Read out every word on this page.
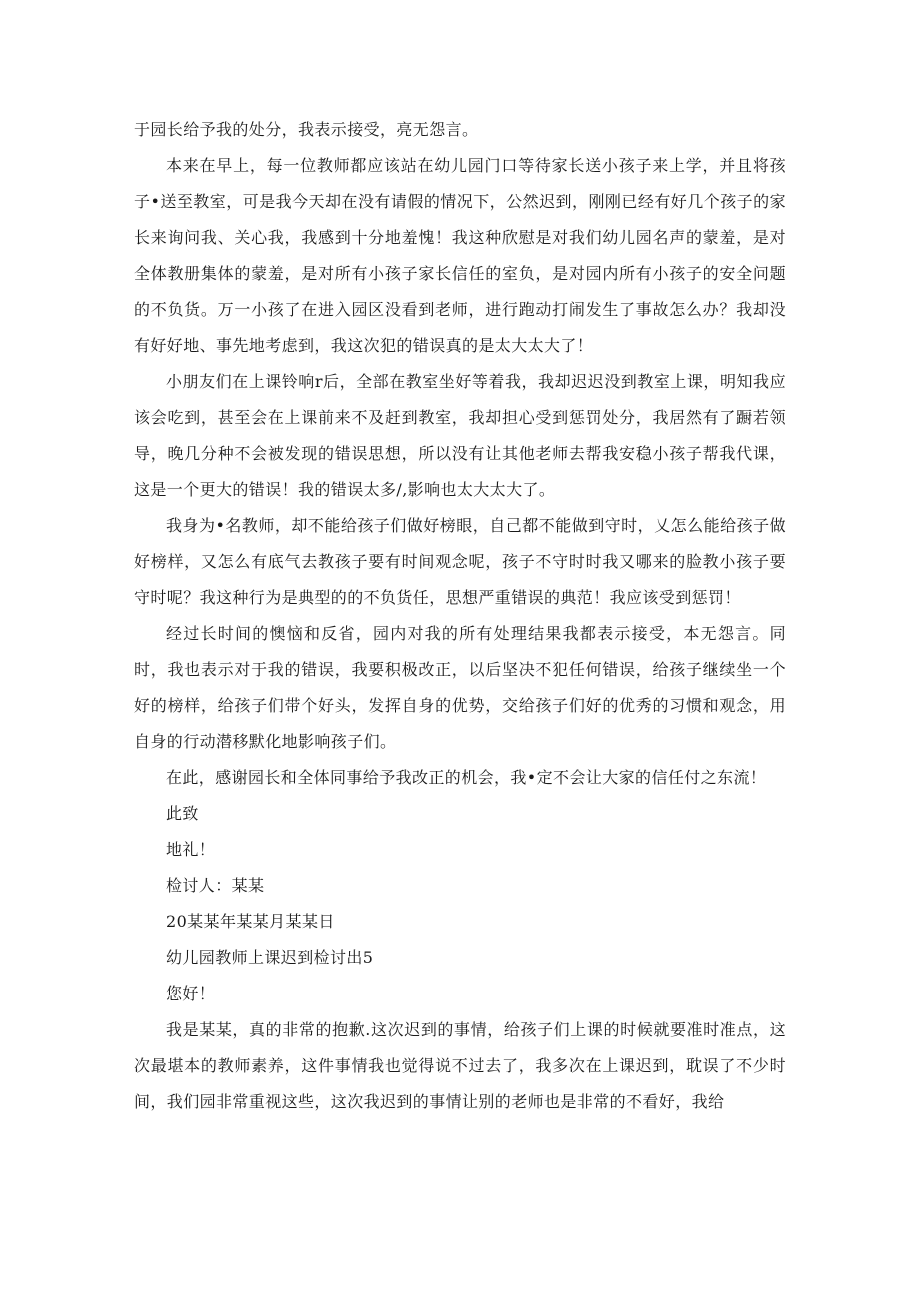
于园长给予我的处分，我表示接受，亮无怨言。

本来在早上，每一位教师都应该站在幼儿园门口等待家长送小孩子来上学，并且将孩子•送至教室，可是我今天却在没有请假的情况下，公然迟到，刚刚已经有好几个孩子的家长来询问我、关心我，我感到十分地羞愧！我这种欣慰是对我们幼儿园名声的蒙羞，是对全体教册集体的蒙羞，是对所有小孩子家长信任的室负，是对园内所有小孩子的安全问题的不负货。万一小孩了在进入园区没看到老师，进行跑动打闹发生了事故怎么办？我却没有好好地、事先地考虑到，我这次犯的错误真的是太大太大了！

小朋友们在上课铃响r后，全部在教室坐好等着我，我却迟迟没到教室上课，明知我应该会吃到，甚至会在上课前来不及赶到教室，我却担心受到惩罚处分，我居然有了蹰若领导，晚几分种不会被发现的错误思想，所以没有让其他老师去帮我安稳小孩子帮我代课，这是一个更大的错误！我的错误太多/,影响也太大太大了。

我身为•名教师，却不能给孩子们做好榜眼，自己都不能做到守时，乂怎么能给孩子做好榜样，又怎么有底气去教孩子要有时间观念呢，孩子不守时时我又哪来的脸教小孩子要守时呢？我这种行为是典型的的不负货任，思想严重错误的典范！我应该受到惩罚！

经过长时间的懊恼和反省，园内对我的所有处理结果我都表示接受，本无怨言。同时，我也表示对于我的错误，我要积极改正，以后坚决不犯任何错误，给孩子继续坐一个好的榜样，给孩子们带个好头，发挥自身的优势，交给孩子们好的优秀的习惯和观念，用自身的行动潜移默化地影响孩子们。

在此，感谢园长和全体同事给予我改正的机会，我•定不会让大家的信任付之东流！

此致

地礼！

检讨人：某某

20某某年某某月某某日

幼儿园教师上课迟到检讨出5

您好！

我是某某，真的非常的抱歉.这次迟到的事情，给孩子们上课的时候就要准时准点，这次最堪本的教师素养，这件事情我也觉得说不过去了，我多次在上课迟到，耽误了不少时间，我们园非常重视这些，这次我迟到的事情让别的老师也是非常的不看好，我给
